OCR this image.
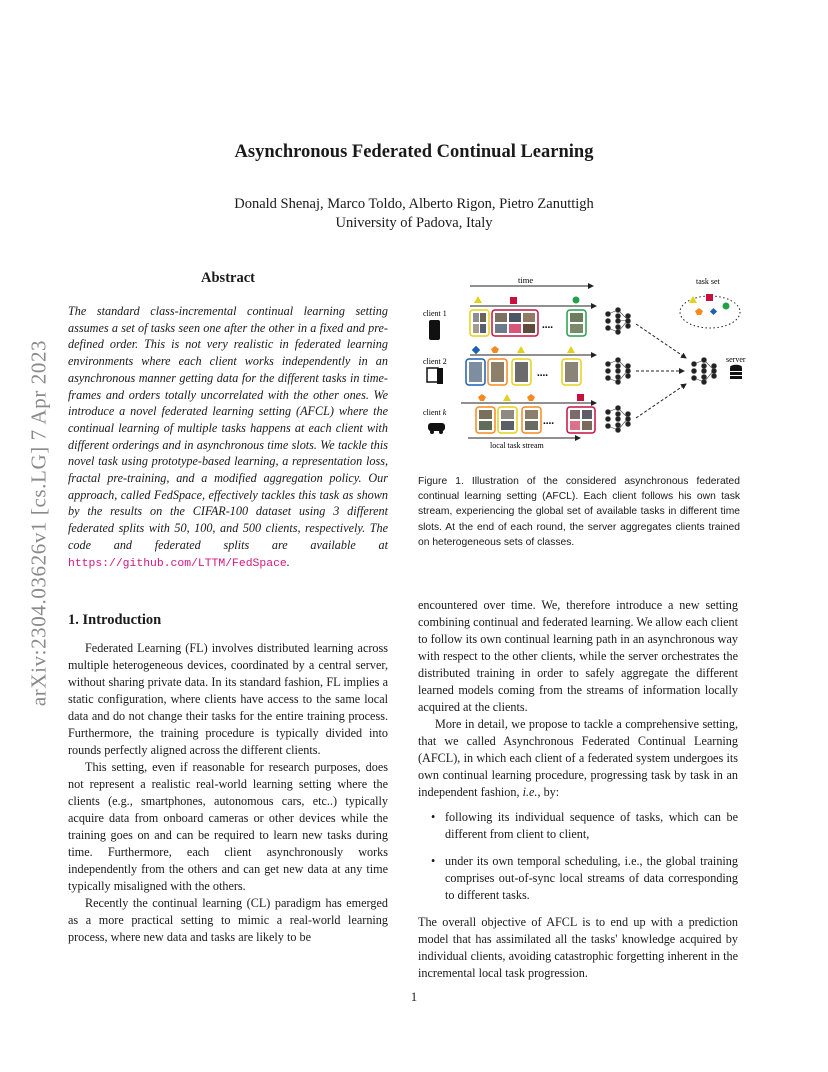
arXiv:2304.03626v1 [cs.LG] 7 Apr 2023
Asynchronous Federated Continual Learning
Donald Shenaj, Marco Toldo, Alberto Rigon, Pietro Zanuttigh
University of Padova, Italy
Abstract
The standard class-incremental continual learning setting assumes a set of tasks seen one after the other in a fixed and pre-defined order. This is not very realistic in federated learning environments where each client works independently in an asynchronous manner getting data for the different tasks in time-frames and orders totally uncorrelated with the other ones. We introduce a novel federated learning setting (AFCL) where the continual learning of multiple tasks happens at each client with different orderings and in asynchronous time slots. We tackle this novel task using prototype-based learning, a representation loss, fractal pre-training, and a modified aggregation policy. Our approach, called FedSpace, effectively tackles this task as shown by the results on the CIFAR-100 dataset using 3 different federated splits with 50, 100, and 500 clients, respectively. The code and federated splits are available at https://github.com/LTTM/FedSpace.
1. Introduction

Federated Learning (FL) involves distributed learning across multiple heterogeneous devices, coordinated by a central server, without sharing private data. In its standard fashion, FL implies a static configuration, where clients have access to the same local data and do not change their tasks for the entire training process. Furthermore, the training procedure is typically divided into rounds perfectly aligned across the different clients.

This setting, even if reasonable for research purposes, does not represent a realistic real-world learning setting where the clients (e.g., smartphones, autonomous cars, etc..) typically acquire data from onboard cameras or other devices while the training goes on and can be required to learn new tasks during time. Furthermore, each client asynchronously works independently from the others and can get new data at any time typically misaligned with the others.

Recently the continual learning (CL) paradigm has emerged as a more practical setting to mimic a real-world learning process, where new data and tasks are likely to be

encountered over time. We, therefore introduce a new setting combining continual and federated learning. We allow each client to follow its own continual learning path in an asynchronous way with respect to the other clients, while the server orchestrates the distributed training in order to safely aggregate the different learned models coming from the streams of information locally acquired at the clients.

More in detail, we propose to tackle a comprehensive setting, that we called Asynchronous Federated Continual Learning (AFCL), in which each client of a federated system undergoes its own continual learning procedure, progressing task by task in an independent fashion, i.e., by:

• following its individual sequence of tasks, which can be different from client to client,
• under its own temporal scheduling, i.e., the global training comprises out-of-sync local streams of data corresponding to different tasks.

The overall objective of AFCL is to end up with a prediction model that has assimilated all the tasks' knowledge acquired by individual clients, avoiding catastrophic forgetting inherent in the incremental local task progression.

time
client 1
....
client 2
....
client k
....
local task stream
server
task set
Figure 1. Illustration of the considered asynchronous federated continual learning setting (AFCL). Each client follows his own task stream, experiencing the global set of available tasks in different time slots. At the end of each round, the server aggregates clients trained on heterogeneous sets of classes.
1
